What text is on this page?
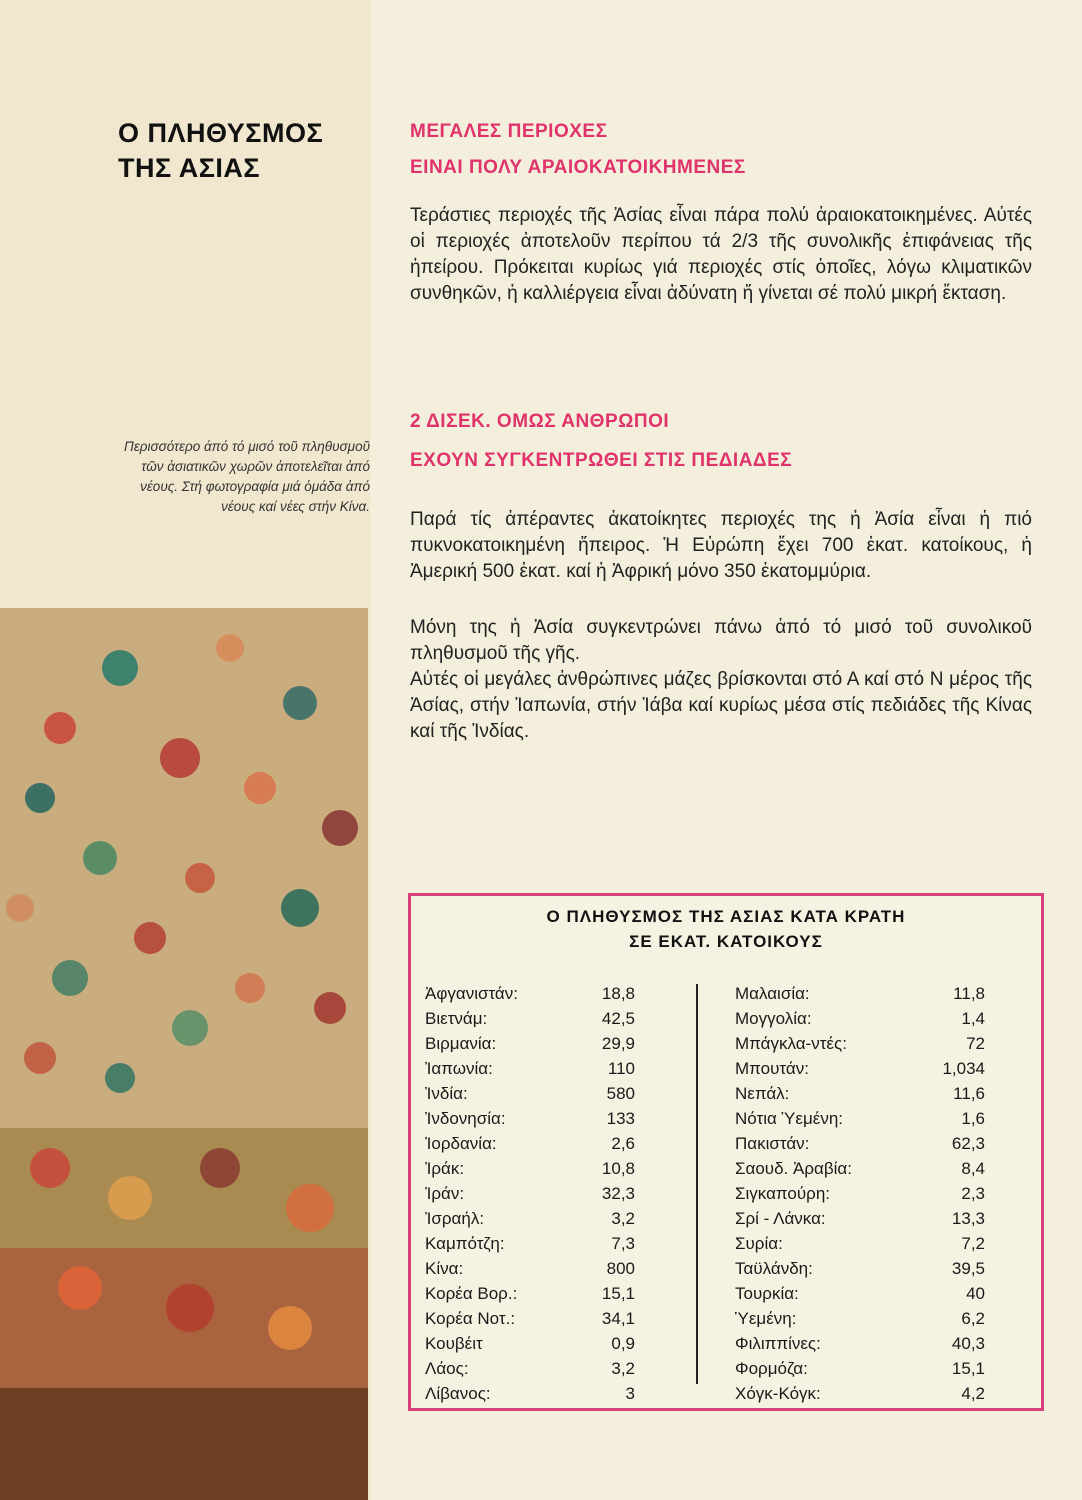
Ο ΠΛΗΘΥΣΜΟΣ
ΤΗΣ ΑΣΙΑΣ
Περισσότερο άπό τό μισό τοῦ πληθυσμοῦ τῶν ἀσιατικῶν χωρῶν ἀποτελεῖται ἀπό νέους. Στή φωτογραφία μιά ὁμάδα ἀπό νέους καί νέες στήν Κίνα.
ΜΕΓΑΛΕΣ ΠΕΡΙΟΧΕΣ
ΕΙΝΑΙ ΠΟΛΥ ΑΡΑΙΟΚΑΤΟΙΚΗΜΕΝΕΣ
Τεράστιες περιοχές τῆς Ἀσίας εἶναι πάρα πολύ ἀραιοκατοικημένες. Αὐτές οἱ περιοχές ἀποτελοῦν περίπου τά 2/3 τῆς συνολικῆς ἐπιφάνειας τῆς ἠπείρου. Πρόκειται κυρίως γιά περιοχές στίς ὁποῖες, λόγω κλιματικῶν συνθηκῶν, ἡ καλλιέργεια εἶναι ἀδύνατη ἤ γίνεται σέ πολύ μικρή ἔκταση.
2 ΔΙΣΕΚ. ΟΜΩΣ ΑΝΘΡΩΠΟΙ
ΕΧΟΥΝ ΣΥΓΚΕΝΤΡΩΘΕΙ ΣΤΙΣ ΠΕΔΙΑΔΕΣ
Παρά τίς ἀπέραντες ἀκατοίκητες περιοχές της ἡ Ἀσία εἶναι ἡ πιό πυκνοκατοικημένη ἤπειρος. Ἡ Εὐρώπη ἔχει 700 ἑκατ. κατοίκους, ἡ Ἀμερική 500 ἑκατ. καί ἡ Ἀφρική μόνο 350 ἑκατομμύρια.
Μόνη της ἡ Ἀσία συγκεντρώνει πάνω ἀπό τό μισό τοῦ συνολικοῦ πληθυσμοῦ τῆς γῆς.
Αὐτές οἱ μεγάλες ἀνθρώπινες μάζες βρίσκονται στό Α καί στό Ν μέρος τῆς Ἀσίας, στήν Ἰαπωνία, στήν Ἰάβα καί κυρίως μέσα στίς πεδιάδες τῆς Κίνας καί τῆς Ἰνδίας.
Ο ΠΛΗΘΥΣΜΟΣ ΤΗΣ ΑΣΙΑΣ ΚΑΤΑ ΚΡΑΤΗ
ΣΕ ΕΚΑΤ. ΚΑΤΟΙΚΟΥΣ
Ἀφγανιστάν:	18,8
Βιετνάμ:	42,5
Βιρμανία:	29,9
Ἰαπωνία:	110
Ἰνδία:	580
Ἰνδονησία:	133
Ἰορδανία:	2,6
Ἰράκ:	10,8
Ἰράν:	32,3
Ἰσραήλ:	3,2
Καμπότζη:	7,3
Κίνα:	800
Κορέα Βορ.:	15,1
Κορέα Νοτ.:	34,1
Κουβέιτ	0,9
Λάος:	3,2
Λίβανος:	3
Μαλαισία:	11,8
Μογγολία:	1,4
Μπάγκλα-ντές:	72
Μπουτάν:	1,034
Νεπάλ:	11,6
Νότια Ὑεμένη:	1,6
Πακιστάν:	62,3
Σαουδ. Ἀραβία:	8,4
Σιγκαπούρη:	2,3
Σρί - Λάνκα:	13,3
Συρία:	7,2
Ταϋλάνδη:	39,5
Τουρκία:	40
Ὑεμένη:	6,2
Φιλιππίνες:	40,3
Φορμόζα:	15,1
Χόγκ-Κόγκ:	4,2
